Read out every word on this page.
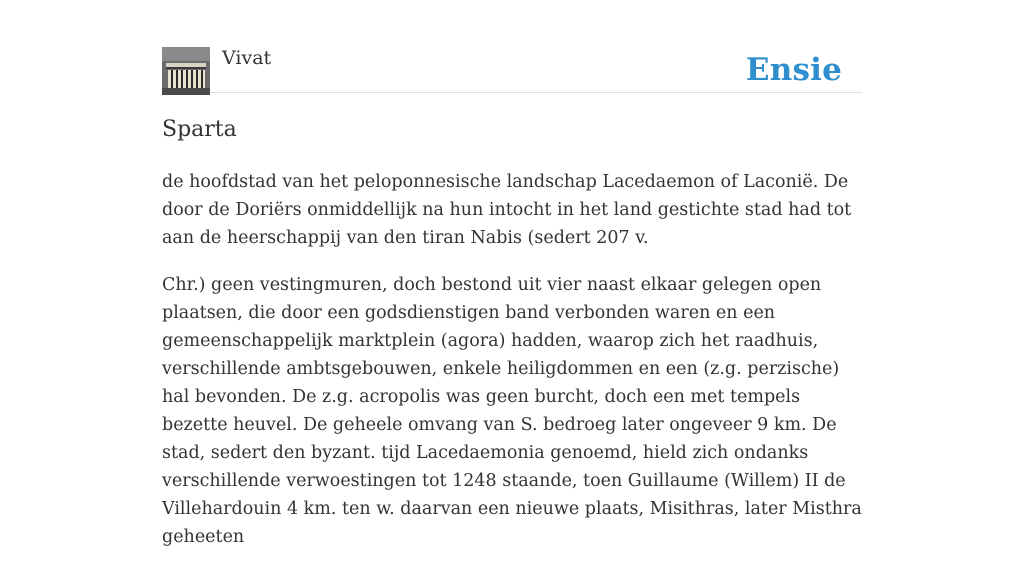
Vivat	Ensie
Sparta

de hoofdstad van het peloponnesische landschap Lacedaemon of Laconië. De door de Doriërs onmiddellijk na hun intocht in het land gestichte stad had tot aan de heerschappij van den tiran Nabis (sedert 207 v.

Chr.) geen vestingmuren, doch bestond uit vier naast elkaar gelegen open plaatsen, die door een godsdienstigen band verbonden waren en een gemeenschappelijk marktplein (agora) hadden, waarop zich het raadhuis, verschillende ambtsgebouwen, enkele heiligdommen en een (z.g. perzische) hal bevonden. De z.g. acropolis was geen burcht, doch een met tempels bezette heuvel. De geheele omvang van S. bedroeg later ongeveer 9 km. De stad, sedert den byzant. tijd Lacedaemonia genoemd, hield zich ondanks verschillende verwoestingen tot 1248 staande, toen Guillaume (Willem) II de Villehardouin 4 km. ten w. daarvan een nieuwe plaats, Misithras, later Misthra geheeten
